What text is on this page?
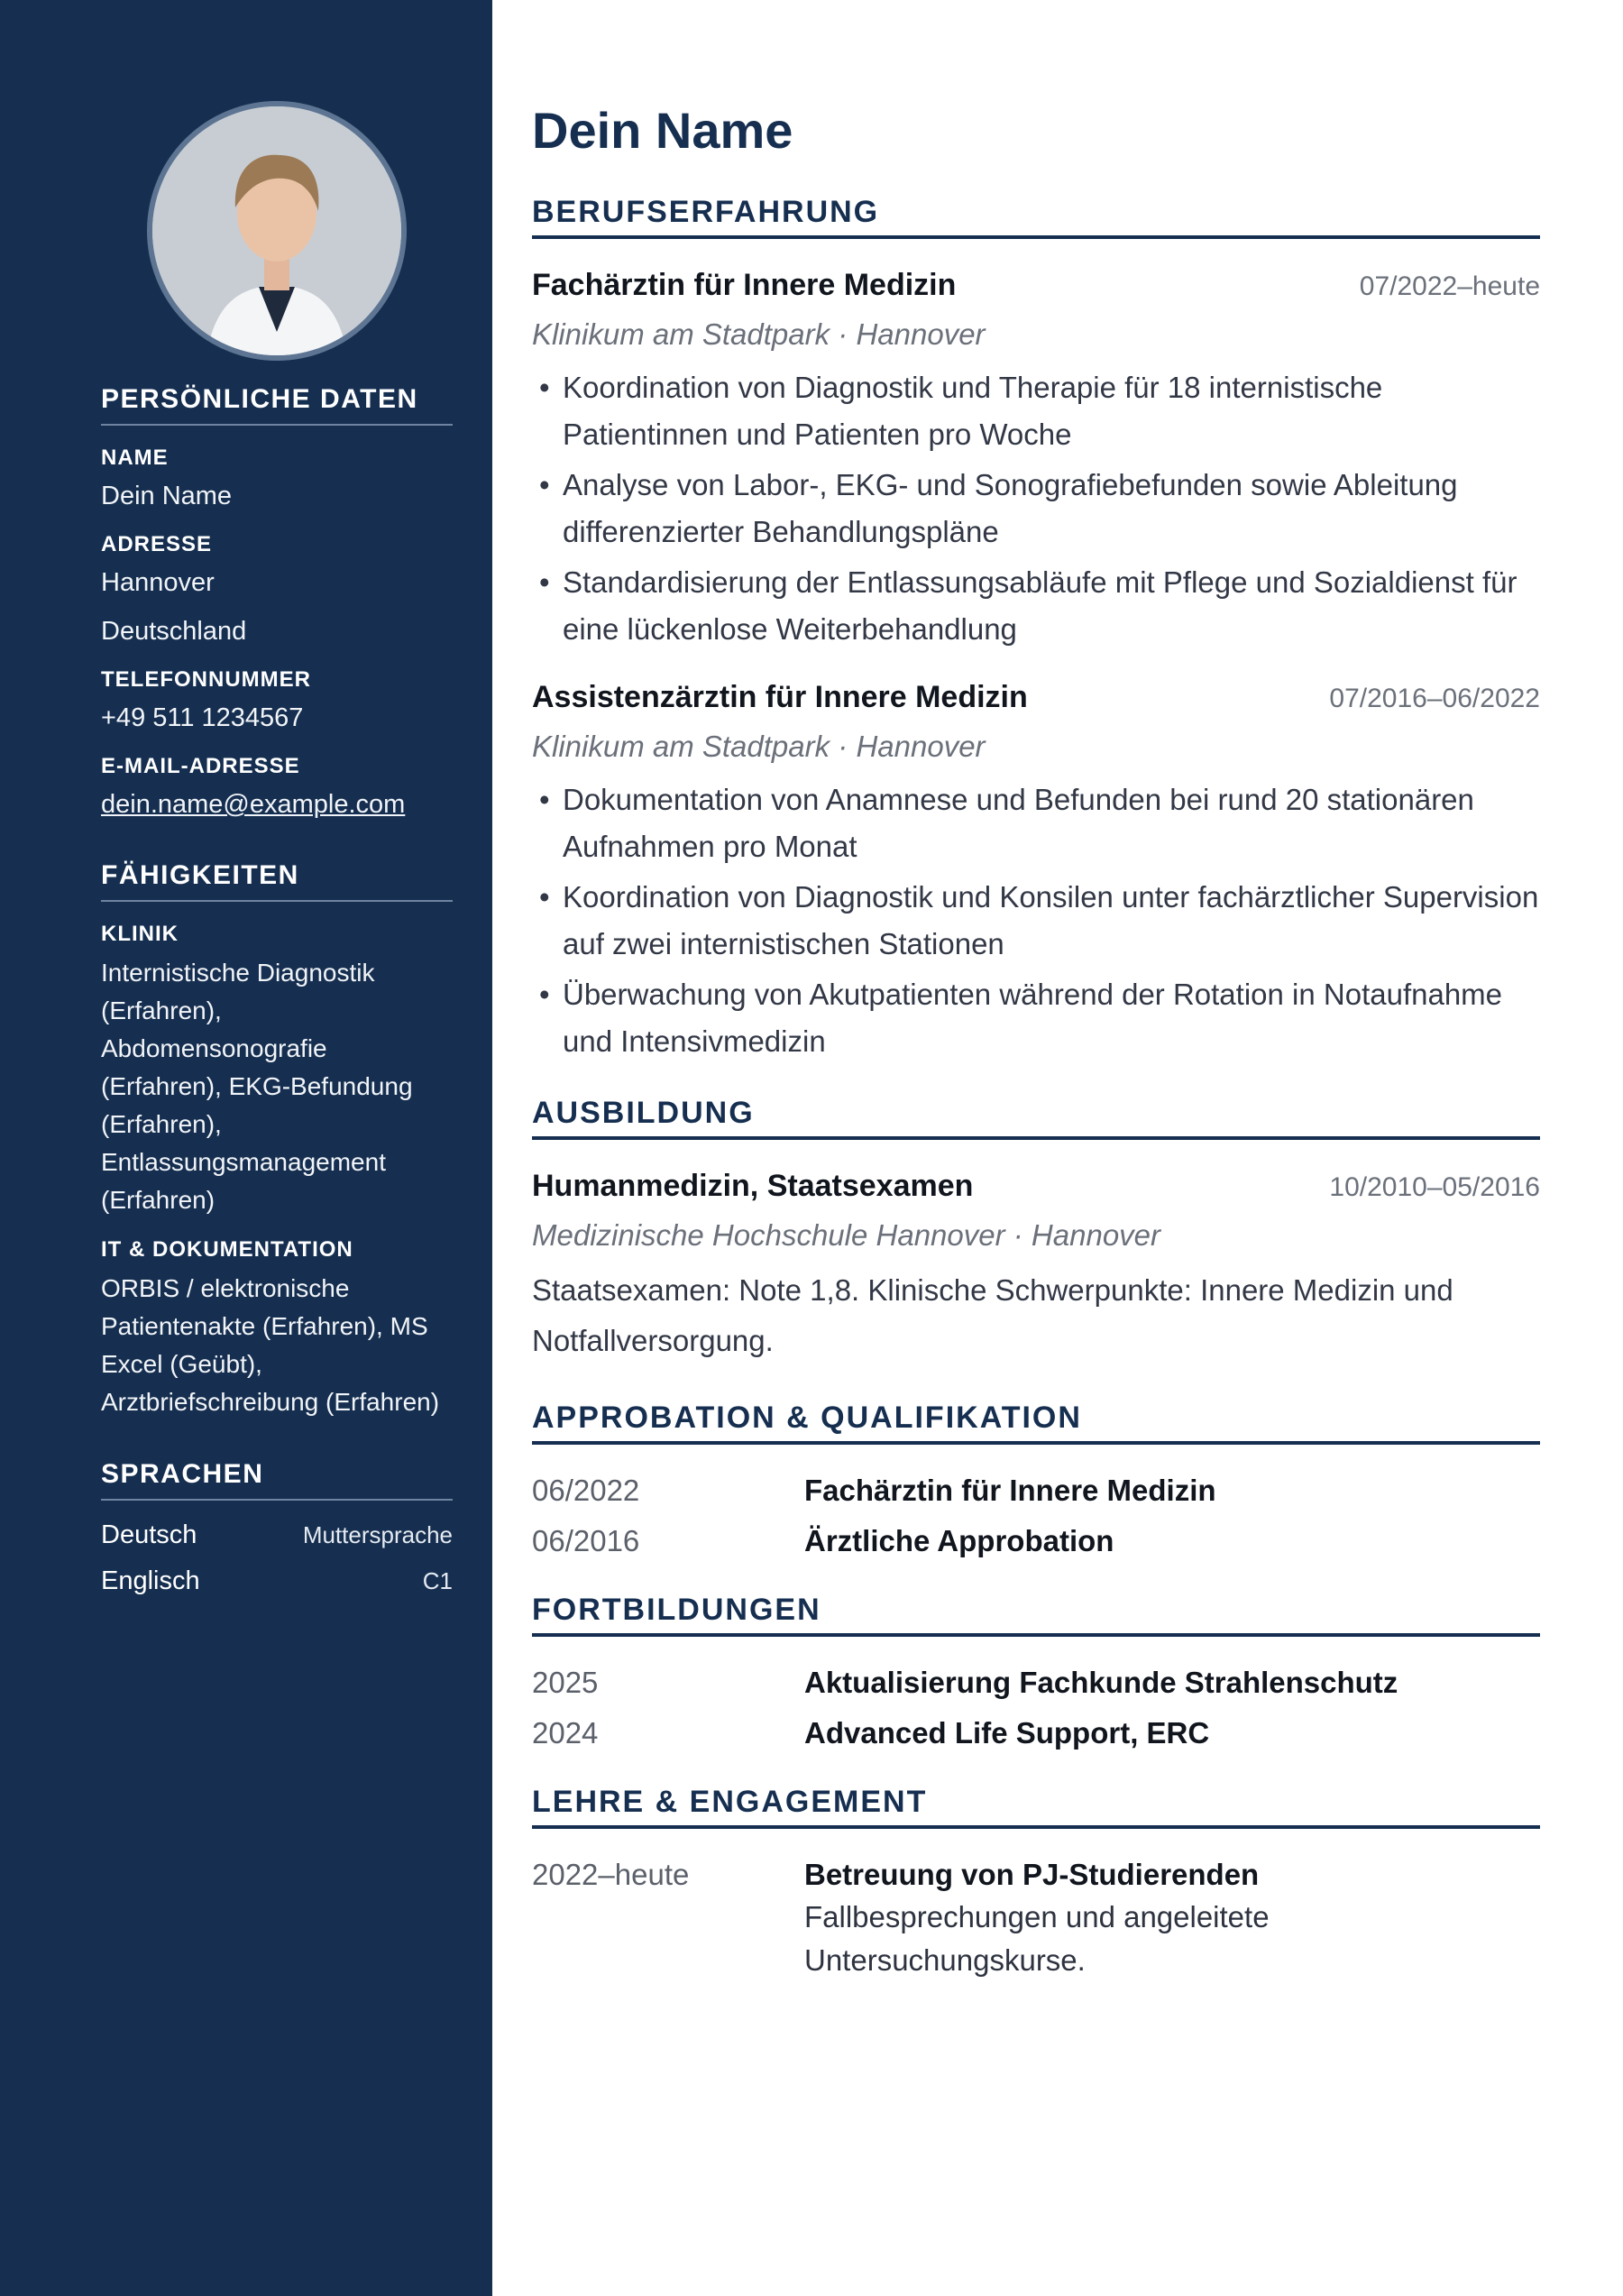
PERSÖNLICHE DATEN
NAME
Dein Name
ADRESSE
Hannover
Deutschland
TELEFONNUMMER
+49 511 1234567
E-MAIL-ADRESSE
dein.name@example.com
FÄHIGKEITEN
KLINIK
Internistische Diagnostik (Erfahren), Abdomensonografie (Erfahren), EKG-Befundung (Erfahren), Entlassungsmanagement (Erfahren)
IT & DOKUMENTATION
ORBIS / elektronische Patientenakte (Erfahren), MS Excel (Geübt), Arztbriefschreibung (Erfahren)
SPRACHEN
Deutsch	Muttersprache
Englisch	C1
Dein Name
BERUFSERFAHRUNG
Fachärztin für Innere Medizin	07/2022–heute
Klinikum am Stadtpark · Hannover
• Koordination von Diagnostik und Therapie für 18 internistische Patientinnen und Patienten pro Woche
• Analyse von Labor-, EKG- und Sonografiebefunden sowie Ableitung differenzierter Behandlungspläne
• Standardisierung der Entlassungsabläufe mit Pflege und Sozialdienst für eine lückenlose Weiterbehandlung
Assistenzärztin für Innere Medizin	07/2016–06/2022
Klinikum am Stadtpark · Hannover
• Dokumentation von Anamnese und Befunden bei rund 20 stationären Aufnahmen pro Monat
• Koordination von Diagnostik und Konsilen unter fachärztlicher Supervision auf zwei internistischen Stationen
• Überwachung von Akutpatienten während der Rotation in Notaufnahme und Intensivmedizin
AUSBILDUNG
Humanmedizin, Staatsexamen	10/2010–05/2016
Medizinische Hochschule Hannover · Hannover
Staatsexamen: Note 1,8. Klinische Schwerpunkte: Innere Medizin und Notfallversorgung.
APPROBATION & QUALIFIKATION
06/2022	Fachärztin für Innere Medizin
06/2016	Ärztliche Approbation
FORTBILDUNGEN
2025	Aktualisierung Fachkunde Strahlenschutz
2024	Advanced Life Support, ERC
LEHRE & ENGAGEMENT
2022–heute	Betreuung von PJ-Studierenden
Fallbesprechungen und angeleitete Untersuchungskurse.
